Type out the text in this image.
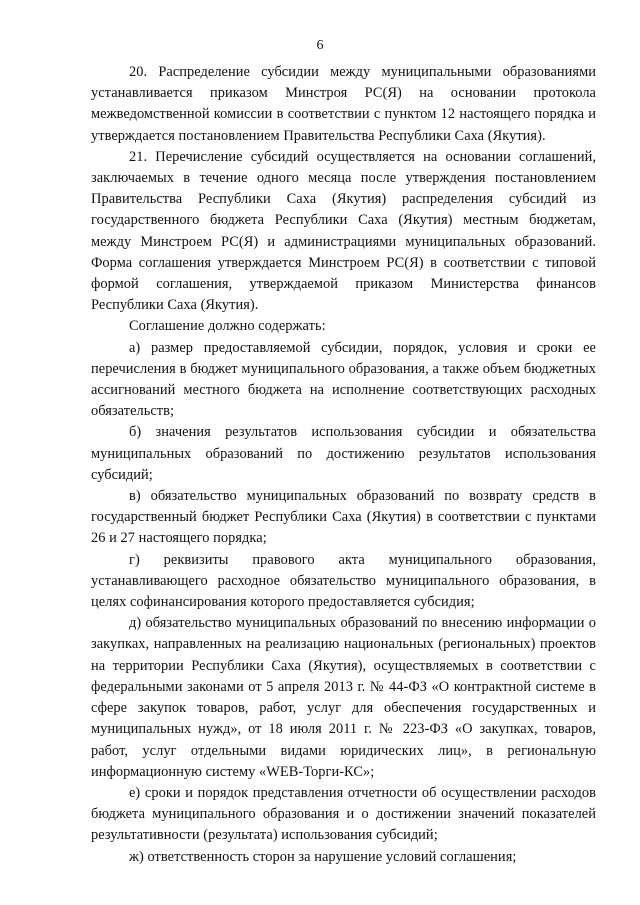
6

20. Распределение субсидии между муниципальными образованиями устанавливается приказом Минстроя РС(Я) на основании протокола межведомственной комиссии в соответствии с пунктом 12 настоящего порядка и утверждается постановлением Правительства Республики Саха (Якутия).

21. Перечисление субсидий осуществляется на основании соглашений, заключаемых в течение одного месяца после утверждения постановлением Правительства Республики Саха (Якутия) распределения субсидий из государственного бюджета Республики Саха (Якутия) местным бюджетам, между Минстроем РС(Я) и администрациями муниципальных образований. Форма соглашения утверждается Минстроем РС(Я) в соответствии с типовой формой соглашения, утверждаемой приказом Министерства финансов Республики Саха (Якутия).

Соглашение должно содержать:

а) размер предоставляемой субсидии, порядок, условия и сроки ее перечисления в бюджет муниципального образования, а также объем бюджетных ассигнований местного бюджета на исполнение соответствующих расходных обязательств;

б) значения результатов использования субсидии и обязательства муниципальных образований по достижению результатов использования субсидий;

в) обязательство муниципальных образований по возврату средств в государственный бюджет Республики Саха (Якутия) в соответствии с пунктами 26 и 27 настоящего порядка;

г) реквизиты правового акта муниципального образования, устанавливающего расходное обязательство муниципального образования, в целях софинансирования которого предоставляется субсидия;

д) обязательство муниципальных образований по внесению информации о закупках, направленных на реализацию национальных (региональных) проектов на территории Республики Саха (Якутия), осуществляемых в соответствии с федеральными законами от 5 апреля 2013 г. № 44-ФЗ «О контрактной системе в сфере закупок товаров, работ, услуг для обеспечения государственных и муниципальных нужд», от 18 июля 2011 г. № 223-ФЗ «О закупках, товаров, работ, услуг отдельными видами юридических лиц», в региональную информационную систему «WEB-Торги-КС»;

е) сроки и порядок представления отчетности об осуществлении расходов бюджета муниципального образования и о достижении значений показателей результативности (результата) использования субсидий;

ж) ответственность сторон за нарушение условий соглашения;
